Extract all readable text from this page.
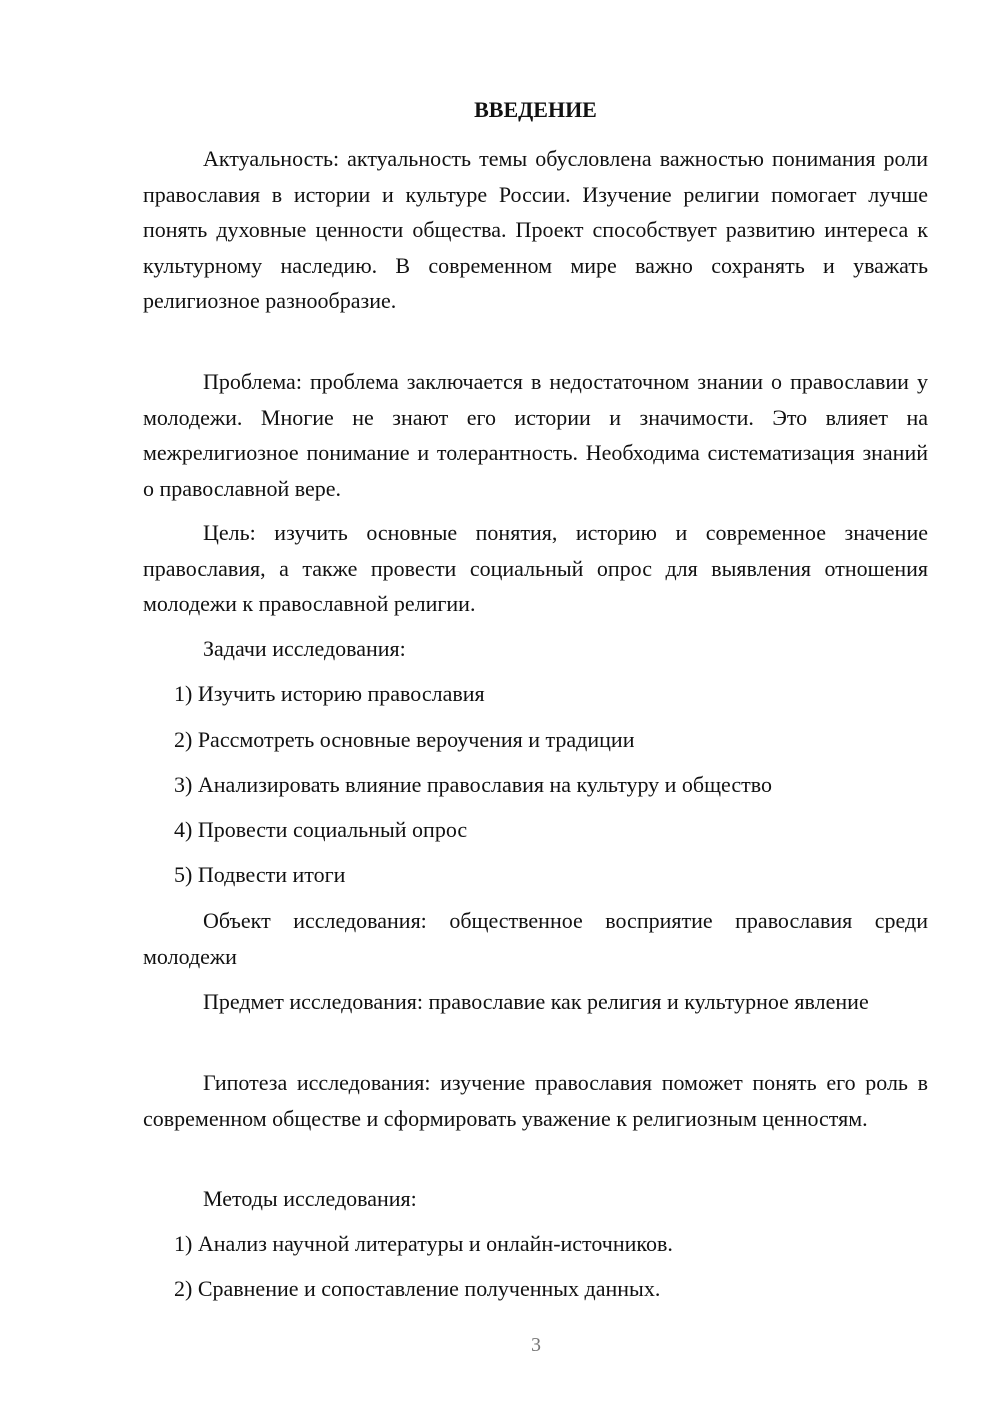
ВВЕДЕНИЕ

Актуальность: актуальность темы обусловлена важностью понимания роли православия в истории и культуре России. Изучение религии помогает лучше понять духовные ценности общества. Проект способствует развитию интереса к культурному наследию. В современном мире важно сохранять и уважать религиозное разнообразие.

Проблема: проблема заключается в недостаточном знании о православии у молодежи. Многие не знают его истории и значимости. Это влияет на межрелигиозное понимание и толерантность. Необходима систематизация знаний о православной вере.

Цель: изучить основные понятия, историю и современное значение православия, а также провести социальный опрос для выявления отношения молодежи к православной религии.

Задачи исследования:

1) Изучить историю православия

2) Рассмотреть основные вероучения и традиции

3) Анализировать влияние православия на культуру и общество

4) Провести социальный опрос

5) Подвести итоги

Объект исследования: общественное восприятие православия среди молодежи

Предмет исследования: православие как религия и культурное явление

Гипотеза исследования: изучение православия поможет понять его роль в современном обществе и сформировать уважение к религиозным ценностям.

Методы исследования:

1) Анализ научной литературы и онлайн-источников.

2) Сравнение и сопоставление полученных данных.

3
